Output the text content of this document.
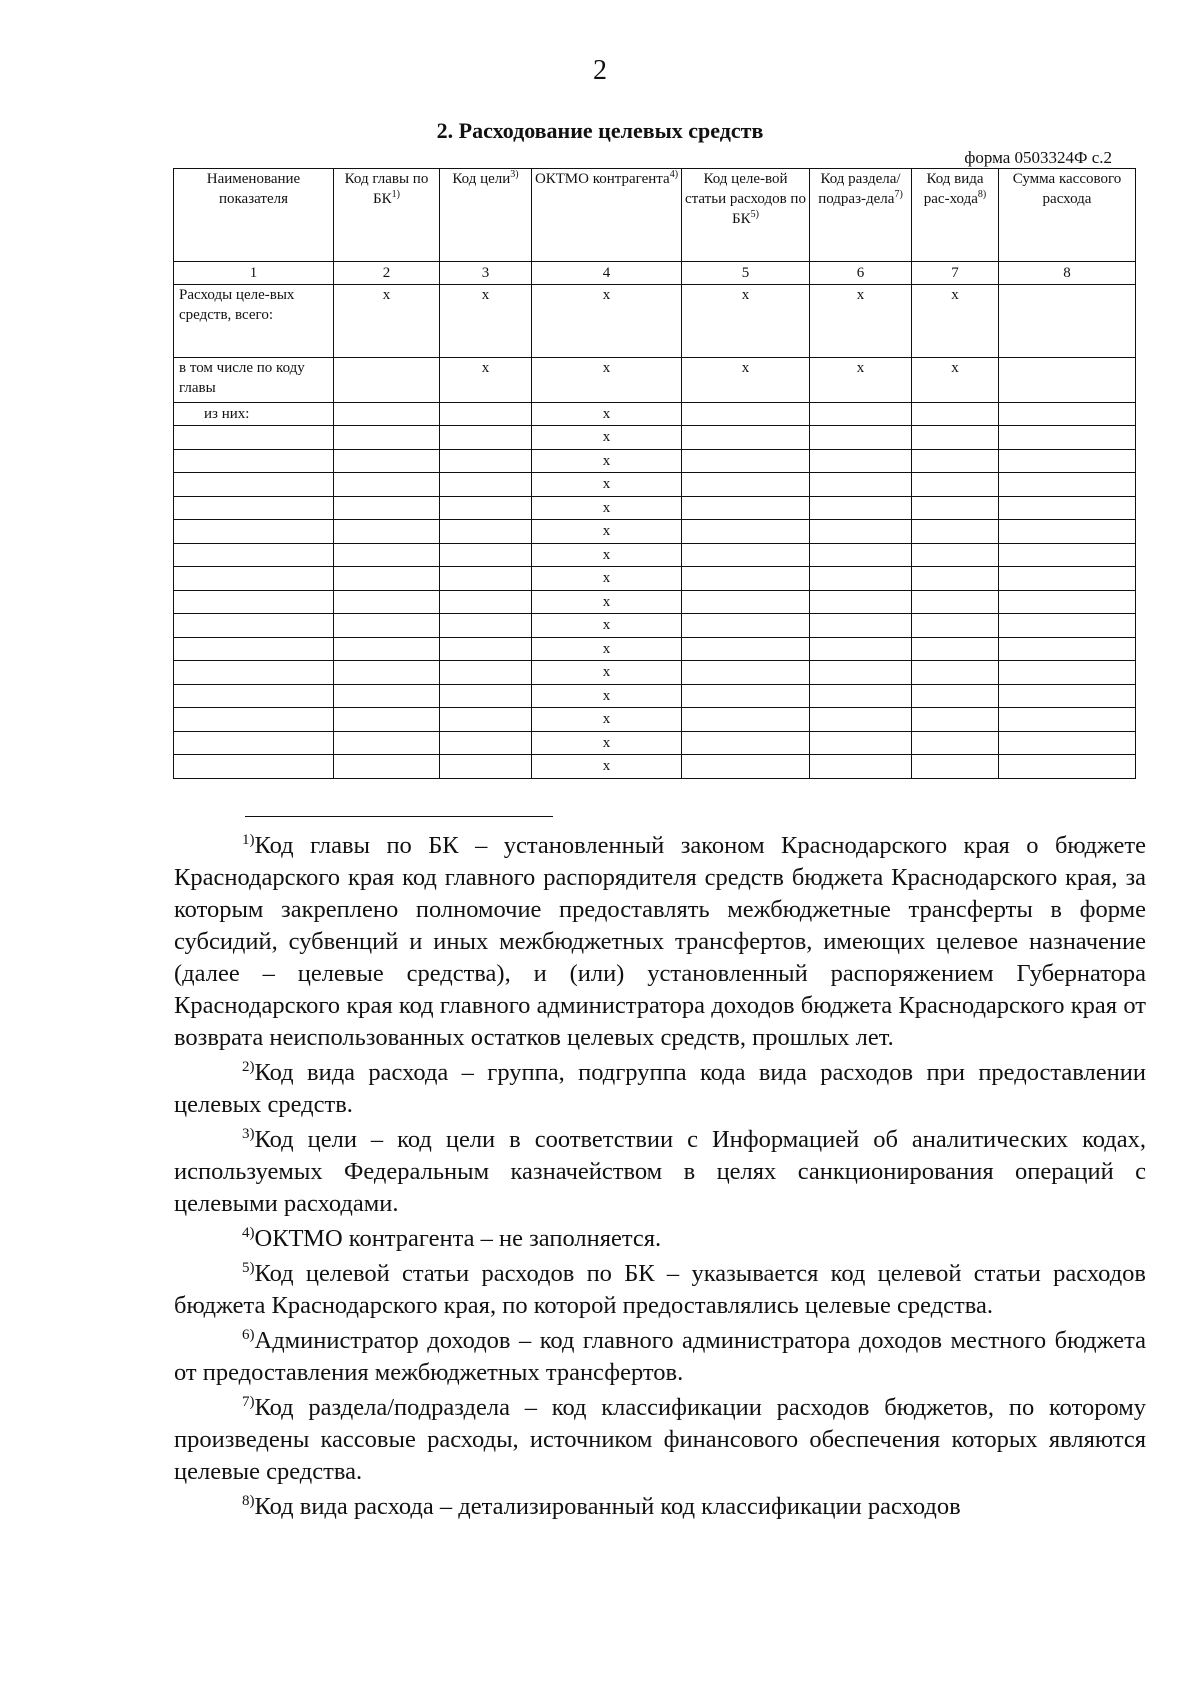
2
2. Расходование целевых средств
форма 0503324Ф с.2
Наименование показателя	Код главы по БК$^{1)}$	Код цели$^{3)}$	ОКТМО контрагента$^{4)}$	Код целе-вой статьи расходов по БК$^{5)}$	Код раздела/ подраз-дела$^{7)}$	Код вида рас-хода$^{8)}$	Сумма кассового расхода
1	2	3	4	5	6	7	8
Расходы целе-вых средств, всего:	x	x	x	x	x	x	
в том числе по коду главы		x	x	x	x	x	
из них:			x				
			x				
			x				
			x				
			x				
			x				
			x				
			x				
			x				
			x				
			x				
			x				
			x				
			x				
			x				
			x				

$^{1)}$Код главы по БК – установленный законом Краснодарского края о бюджете Краснодарского края код главного распорядителя средств бюджета Краснодарского края, за которым закреплено полномочие предоставлять межбюджетные трансферты в форме субсидий, субвенций и иных межбюджетных трансфертов, имеющих целевое назначение (далее – целевые средства), и (или) установленный распоряжением Губернатора Краснодарского края код главного администратора доходов бюджета Краснодарского края от возврата неиспользованных остатков целевых средств, прошлых лет.

$^{2)}$Код вида расхода – группа, подгруппа кода вида расходов при предоставлении целевых средств.

$^{3)}$Код цели – код цели в соответствии с Информацией об аналитических кодах, используемых Федеральным казначейством в целях санкционирования операций с целевыми расходами.

$^{4)}$ОКТМО контрагента – не заполняется.

$^{5)}$Код целевой статьи расходов по БК – указывается код целевой статьи расходов бюджета Краснодарского края, по которой предоставлялись целевые средства.

$^{6)}$Администратор доходов – код главного администратора доходов местного бюджета от предоставления межбюджетных трансфертов.

$^{7)}$Код раздела/подраздела – код классификации расходов бюджетов, по которому произведены кассовые расходы, источником финансового обеспечения которых являются целевые средства.

$^{8)}$Код вида расхода – детализированный код классификации расходов
